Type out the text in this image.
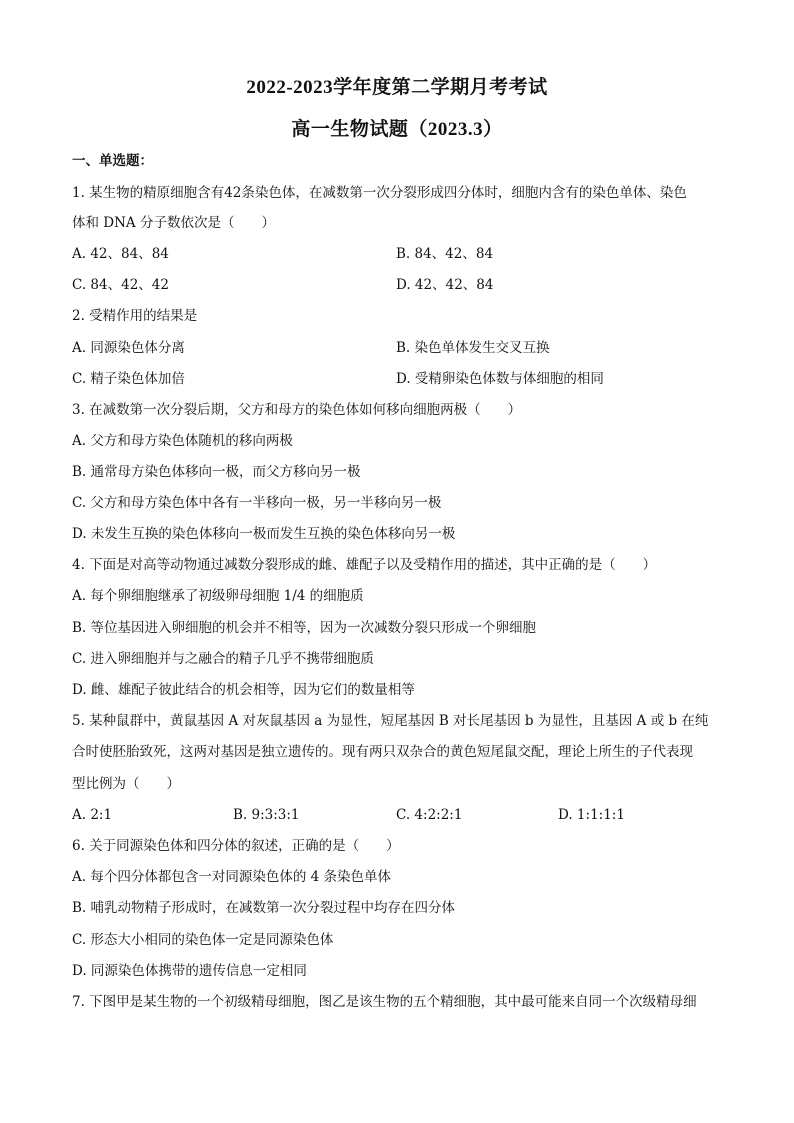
2022-2023学年度第二学期月考考试
高一生物试题（2023.3）
一、单选题：
1. 某生物的精原细胞含有42条染色体，在减数第一次分裂形成四分体时，细胞内含有的染色单体、染色
体和 DNA 分子数依次是（　　）
A. 42、84、84	B. 84、42、84
C. 84、42、42	D. 42、42、84
2. 受精作用的结果是
A. 同源染色体分离	B. 染色单体发生交叉互换
C. 精子染色体加倍	D. 受精卵染色体数与体细胞的相同
3. 在减数第一次分裂后期，父方和母方的染色体如何移向细胞两极（　　）
A. 父方和母方染色体随机的移向两极
B. 通常母方染色体移向一极，而父方移向另一极
C. 父方和母方染色体中各有一半移向一极，另一半移向另一极
D. 未发生互换的染色体移向一极而发生互换的染色体移向另一极
4. 下面是对高等动物通过减数分裂形成的雌、雄配子以及受精作用的描述，其中正确的是（　　）
A. 每个卵细胞继承了初级卵母细胞 1/4 的细胞质
B. 等位基因进入卵细胞的机会并不相等，因为一次减数分裂只形成一个卵细胞
C. 进入卵细胞并与之融合的精子几乎不携带细胞质
D. 雌、雄配子彼此结合的机会相等，因为它们的数量相等
5. 某种鼠群中，黄鼠基因 A 对灰鼠基因 a 为显性，短尾基因 B 对长尾基因 b 为显性，且基因 A 或 b 在纯
合时使胚胎致死，这两对基因是独立遗传的。现有两只双杂合的黄色短尾鼠交配，理论上所生的子代表现
型比例为（　　）
A. 2:1	B. 9:3:3:1	C. 4:2:2:1	D. 1:1:1:1
6. 关于同源染色体和四分体的叙述，正确的是（　　）
A. 每个四分体都包含一对同源染色体的 4 条染色单体
B. 哺乳动物精子形成时，在减数第一次分裂过程中均存在四分体
C. 形态大小相同的染色体一定是同源染色体
D. 同源染色体携带的遗传信息一定相同
7. 下图甲是某生物的一个初级精母细胞，图乙是该生物的五个精细胞，其中最可能来自同一个次级精母细
